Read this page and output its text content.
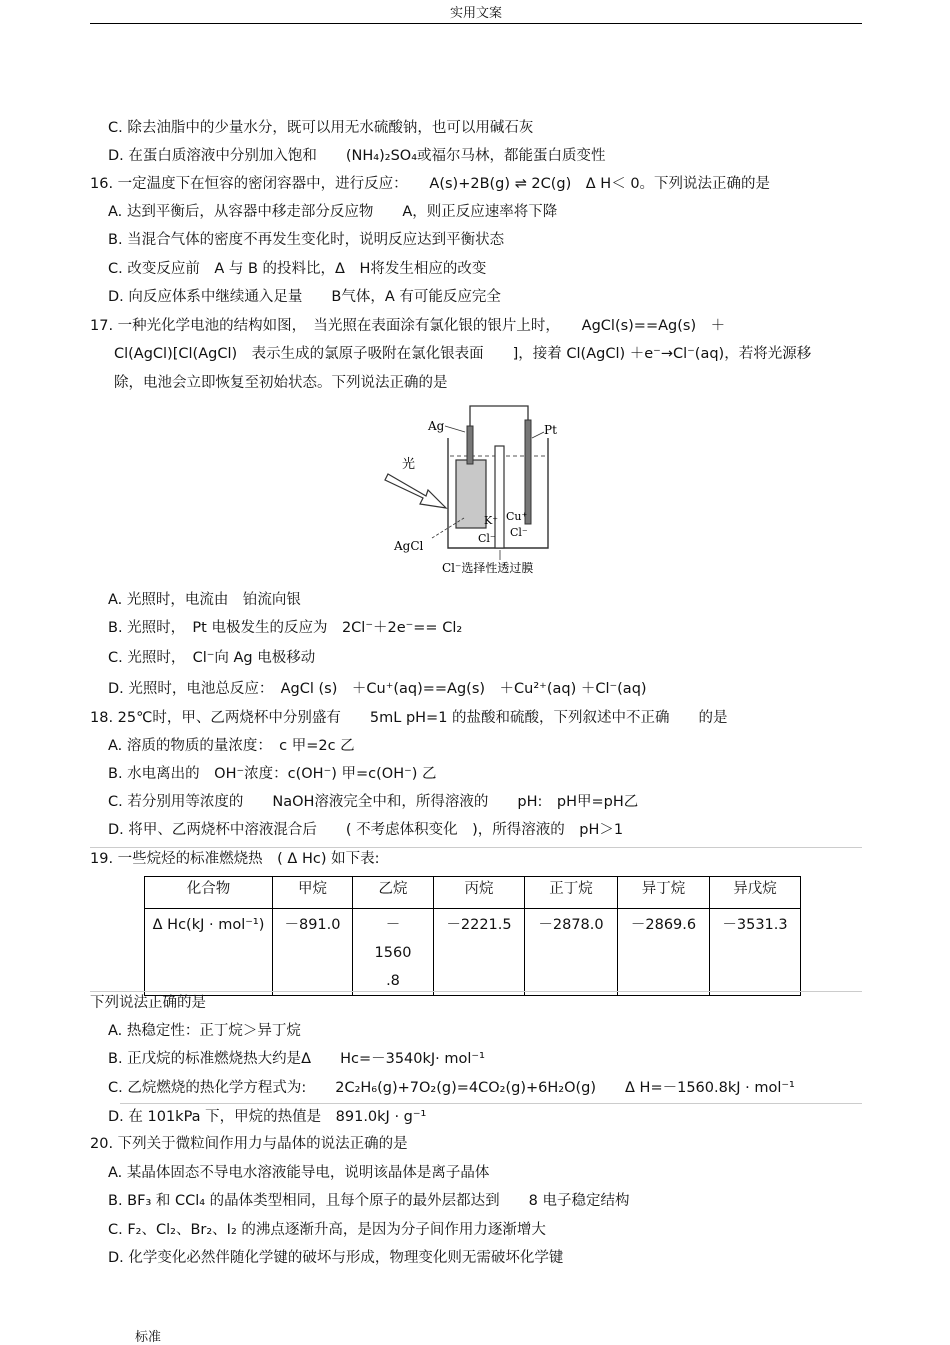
实用文案
C. 除去油脂中的少量水分，既可以用无水硫酸钠，也可以用碱石灰
D. 在蛋白质溶液中分别加入饱和　　(NH₄)₂SO₄或福尔马林，都能蛋白质变性
16. 一定温度下在恒容的密闭容器中，进行反应：　　A(s)+2B(g) ⇌ 2C(g)　Δ H＜ 0。下列说法正确的是
A. 达到平衡后，从容器中移走部分反应物　　A，则正反应速率将下降
B. 当混合气体的密度不再发生变化时，说明反应达到平衡状态
C. 改变反应前　A 与 B 的投料比，Δ　H将发生相应的改变
D. 向反应体系中继续通入足量　　B气体，A 有可能反应完全
17. 一种光化学电池的结构如图，　当光照在表面涂有氯化银的银片上时，　　AgCl(s)==Ag(s)　＋
Cl(AgCl)[Cl(AgCl)　表示生成的氯原子吸附在氯化银表面　　]，接着 Cl(AgCl) ＋e⁻→Cl⁻(aq)，若将光源移
除，电池会立即恢复至初始状态。下列说法正确的是
Ag	Pt
光
AgCl
K⁺
Cl⁻
Cu⁺
Cl⁻
Cl⁻选择性透过膜
A. 光照时，电流由　铂流向银
B. 光照时，　Pt 电极发生的反应为　2Cl⁻＋2e⁻== Cl₂
C. 光照时，　Cl⁻向 Ag 电极移动
D. 光照时，电池总反应：　AgCl (s)　＋Cu⁺(aq)==Ag(s)　＋Cu²⁺(aq) ＋Cl⁻(aq)
18. 25℃时，甲、乙两烧杯中分别盛有　　5mL pH=1 的盐酸和硫酸，下列叙述中不正确　　的是
A. 溶质的物质的量浓度：　c 甲=2c 乙
B. 水电离出的　OH⁻浓度：c(OH⁻) 甲=c(OH⁻) 乙
C. 若分别用等浓度的　　NaOH溶液完全中和，所得溶液的　　pH:　pH甲=pH乙
D. 将甲、乙两烧杯中溶液混合后　　( 不考虑体积变化　)，所得溶液的　pH＞1
19. 一些烷烃的标准燃烧热　( Δ Hc) 如下表:
化合物	甲烷	乙烷	丙烷	正丁烷	异丁烷	异戊烷
Δ Hc(kJ · mol⁻¹)	－891.0	－
1560
.8	－2221.5	－2878.0	－2869.6	－3531.3
下列说法正确的是
A. 热稳定性：正丁烷＞异丁烷
B. 正戊烷的标准燃烧热大约是Δ　　Hc=－3540kJ· mol⁻¹
C. 乙烷燃烧的热化学方程式为:　　2C₂H₆(g)+7O₂(g)=4CO₂(g)+6H₂O(g)　　Δ H=－1560.8kJ · mol⁻¹
D. 在 101kPa 下，甲烷的热值是　891.0kJ · g⁻¹
20. 下列关于微粒间作用力与晶体的说法正确的是
A. 某晶体固态不导电水溶液能导电，说明该晶体是离子晶体
B. BF₃ 和 CCl₄ 的晶体类型相同，且每个原子的最外层都达到　　8 电子稳定结构
C. F₂、Cl₂、Br₂、I₂ 的沸点逐渐升高，是因为分子间作用力逐渐增大
D. 化学变化必然伴随化学键的破坏与形成，物理变化则无需破坏化学键
标准
